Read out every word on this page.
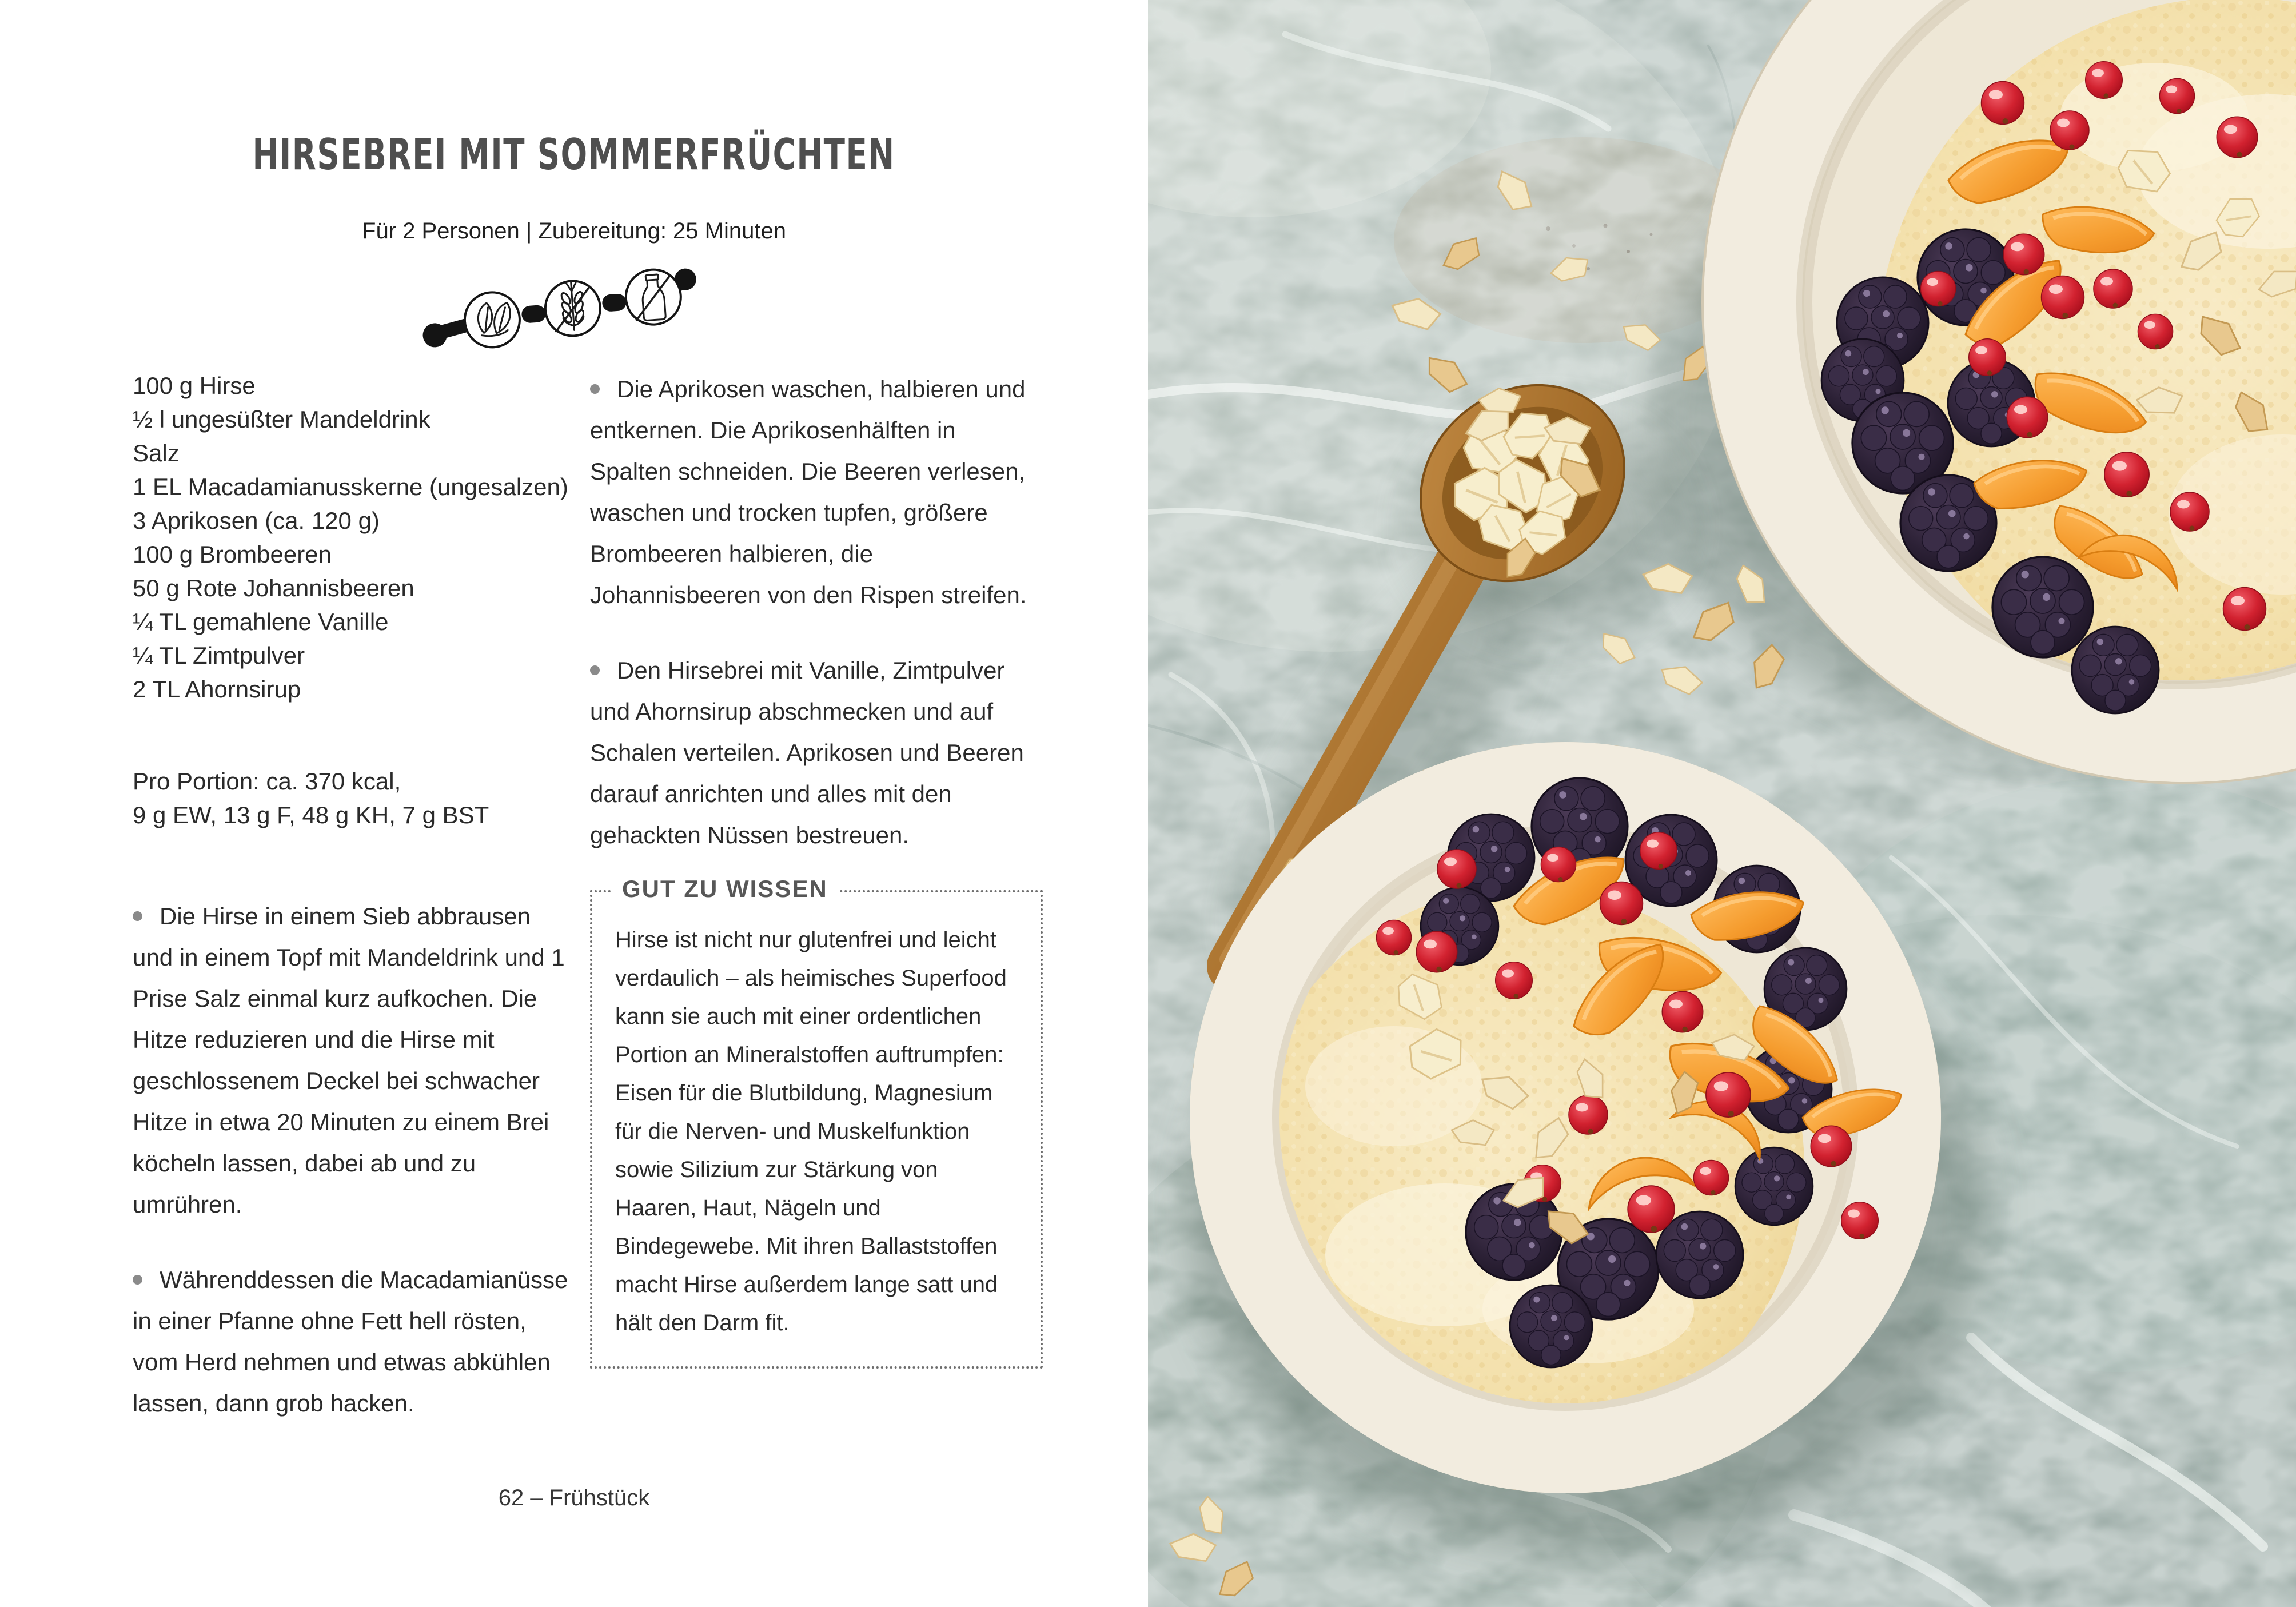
HIRSEBREI MIT SOMMERFRÜCHTEN
Für 2 Personen | Zubereitung: 25 Minuten
100 g Hirse
½ l ungesüßter Mandeldrink
Salz
1 EL Macadamianusskerne (ungesalzen)
3 Aprikosen (ca. 120 g)
100 g Brombeeren
50 g Rote Johannisbeeren
¼ TL gemahlene Vanille
¼ TL Zimtpulver
2 TL Ahornsirup
Pro Portion: ca. 370 kcal,
9 g EW, 13 g F, 48 g KH, 7 g BST

Die Hirse in einem Sieb abbrausen und in einem Topf mit Mandeldrink und 1 Prise Salz einmal kurz aufkochen. Die Hitze reduzieren und die Hirse mit geschlossenem Deckel bei schwacher Hitze in etwa 20 Minuten zu einem Brei köcheln lassen, dabei ab und zu umrühren.

Währenddessen die Macadamianüsse in einer Pfanne ohne Fett hell rösten, vom Herd nehmen und etwas abkühlen lassen, dann grob hacken.

Die Aprikosen waschen, halbieren und entkernen. Die Aprikosenhälften in Spalten schneiden. Die Beeren verlesen, waschen und trocken tupfen, größere Brombeeren halbieren, die Johannisbeeren von den Rispen streifen.

Den Hirsebrei mit Vanille, Zimtpulver und Ahornsirup abschmecken und auf Schalen verteilen. Aprikosen und Beeren darauf anrichten und alles mit den gehackten Nüssen bestreuen.

GUT ZU WISSEN
Hirse ist nicht nur glutenfrei und leicht verdaulich – als heimisches Superfood kann sie auch mit einer ordentlichen Portion an Mineralstoffen auftrumpfen: Eisen für die Blutbildung, Magnesium für die Nerven- und Muskelfunktion sowie Silizium zur Stärkung von Haaren, Haut, Nägeln und Bindegewebe. Mit ihren Ballaststoffen macht Hirse außerdem lange satt und hält den Darm fit.
62 – Frühstück
